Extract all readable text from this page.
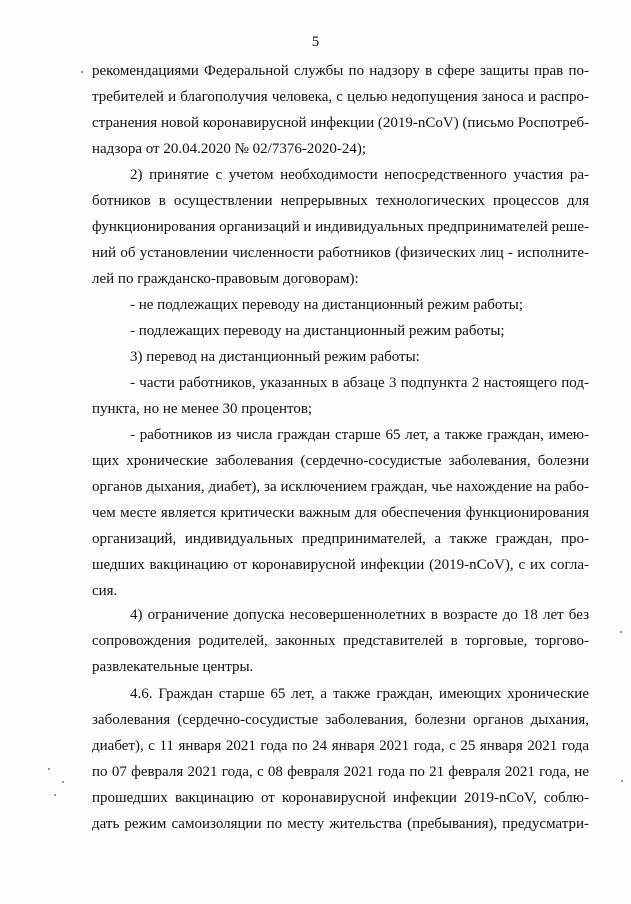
5
рекомендациями Федеральной службы по надзору в сфере защиты прав по-
требителей и благополучия человека, с целью недопущения заноса и распро-
странения новой коронавирусной инфекции (2019-nCoV) (письмо Роспотреб-
надзора от 20.04.2020 № 02/7376-2020-24);
2) принятие с учетом необходимости непосредственного участия ра-
ботников в осуществлении непрерывных технологических процессов для
функционирования организаций и индивидуальных предпринимателей реше-
ний об установлении численности работников (физических лиц - исполните-
лей по гражданско-правовым договорам):
- не подлежащих переводу на дистанционный режим работы;
- подлежащих переводу на дистанционный режим работы;
3) перевод на дистанционный режим работы:
- части работников, указанных в абзаце 3 подпункта 2 настоящего под-
пункта, но не менее 30 процентов;
- работников из числа граждан старше 65 лет, а также граждан, имею-
щих хронические заболевания (сердечно-сосудистые заболевания, болезни
органов дыхания, диабет), за исключением граждан, чье нахождение на рабо-
чем месте является критически важным для обеспечения функционирования
организаций, индивидуальных предпринимателей, а также граждан, про-
шедших вакцинацию от коронавирусной инфекции (2019-nCoV), с их согла-
сия.
4) ограничение допуска несовершеннолетних в возрасте до 18 лет без
сопровождения родителей, законных представителей в торговые, торгово-
развлекательные центры.
4.6. Граждан старше 65 лет, а также граждан, имеющих хронические
заболевания (сердечно-сосудистые заболевания, болезни органов дыхания,
диабет), с 11 января 2021 года по 24 января 2021 года, с 25 января 2021 года
по 07 февраля 2021 года, с 08 февраля 2021 года по 21 февраля 2021 года, не
прошедших вакцинацию от коронавирусной инфекции 2019-nCoV, соблю-
дать режим самоизоляции по месту жительства (пребывания), предусматри-
